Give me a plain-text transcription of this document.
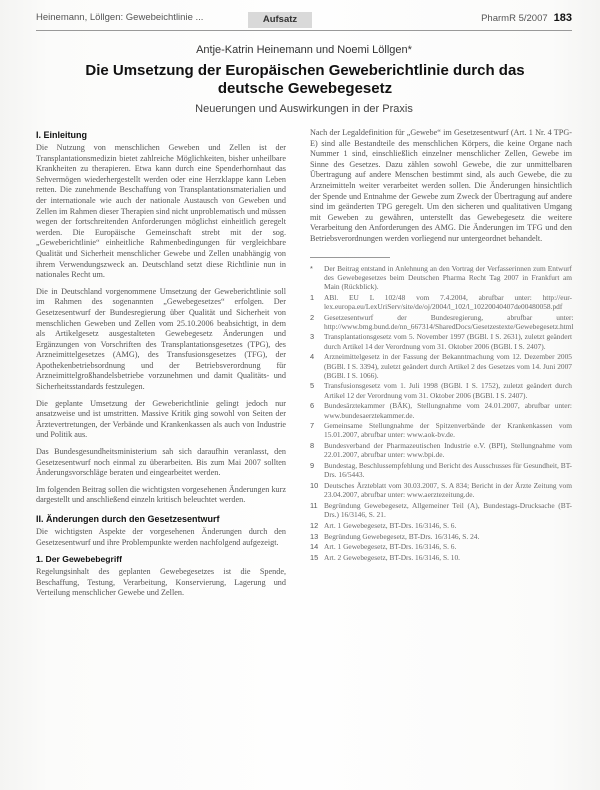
Heinemann, Löllgen: Gewebeichtlinie ...	PharmR 5/2007 183
Aufsatz
Antje-Katrin Heinemann und Noemi Löllgen*
Die Umsetzung der Europäischen Geweberichtlinie durch das deutsche Gewebegesetz
Neuerungen und Auswirkungen in der Praxis
I. Einleitung

Die Nutzung von menschlichen Geweben und Zellen ist der Transplantationsmedizin bietet zahlreiche Möglichkeiten, bisher unheilbare Krankheiten zu therapieren. Etwa kann durch eine Spenderhornhaut das Sehvermögen wiederhergestellt werden oder eine Herzklappe kann Leben retten. Die zunehmende Beschaffung von Transplantationsmaterialien und der internationale wie auch der nationale Austausch von Geweben und Zellen im Rahmen dieser Therapien sind nicht unproblematisch und müssen wegen der fortschreitenden Anforderungen möglichst einheitlich geregelt werden. Die Europäische Gemeinschaft strebt mit der sog. „Geweberichtlinie“ einheitliche Rahmenbedingungen für vergleichbare Qualität und Sicherheit menschlicher Gewebe und Zellen unabhängig von ihrem Verwendungszweck an. Deutschland setzt diese Richtlinie nun in nationales Recht um.

Die in Deutschland vorgenommene Umsetzung der Geweberichtlinie soll im Rahmen des sogenannten „Gewebegesetzes“ erfolgen. Der Gesetzesentwurf der Bundesregierung über Qualität und Sicherheit von menschlichen Geweben und Zellen vom 25.10.2006 beabsichtigt, in dem als Artikelgesetz ausgestalteten Gewebegesetz Änderungen und Ergänzungen von Vorschriften des Transplantationsgesetzes (TPG), des Arzneimittelgesetzes (AMG), des Transfusionsgesetzes (TFG), der Apothekenbetriebsordnung und der Betriebsverordnung für Arzneimittelgroßhandelsbetriebe vorzunehmen und damit Qualitäts- und Sicherheitsstandards festzulegen.

Die geplante Umsetzung der Geweberichtlinie gelingt jedoch nur ansatzweise und ist umstritten. Massive Kritik ging sowohl von Seiten der Ärztevertretungen, der Verbände und Krankenkassen als auch von Industrie und Politik aus.

Das Bundesgesundheitsministerium sah sich daraufhin veranlasst, den Gesetzesentwurf noch einmal zu überarbeiten. Bis zum Mai 2007 sollten Änderungsvorschläge beraten und eingearbeitet werden.

Im folgenden Beitrag sollen die wichtigsten vorgesehenen Änderungen kurz dargestellt und anschließend einzeln kritisch beleuchtet werden.

II. Änderungen durch den Gesetzesentwurf

Die wichtigsten Aspekte der vorgesehenen Änderungen durch den Gesetzesentwurf und ihre Problempunkte werden nachfolgend aufgezeigt.

1. Der Gewebebegriff

Regelungsinhalt des geplanten Gewebegesetzes ist die Spende, Beschaffung, Testung, Verarbeitung, Konservierung, Lagerung und Verteilung menschlicher Gewebe und Zellen.

Nach der Legaldefinition für „Gewebe“ im Gesetzesentwurf (Art. 1 Nr. 4 TPG-E) sind alle Bestandteile des menschlichen Körpers, die keine Organe nach Nummer 1 sind, einschließlich einzelner menschlicher Zellen, Gewebe im Sinne des Gesetzes. Dazu zählen sowohl Gewebe, die zur unmittelbaren Übertragung auf andere Menschen bestimmt sind, als auch Gewebe, die zu Arzneimitteln weiter verarbeitet werden sollen. Die Änderungen hinsichtlich der Spende und Entnahme der Gewebe zum Zweck der Übertragung auf andere sind im geänderten TPG geregelt. Um den sicheren und qualitativen Umgang mit Geweben zu gewähren, unterstellt das Gewebegesetz die weitere Verarbeitung den Anforderungen des AMG. Die Änderungen im TFG und den Betriebsverordnungen werden vorliegend nur untergeordnet behandelt.

*	Der Beitrag entstand in Anlehnung an den Vortrag der Verfasserinnen zum Entwurf des Gewebegesetzes beim Deutschen Pharma Recht Tag 2007 in Frankfurt am Main (Rückblick).
1	ABl. EU L 102/48 vom 7.4.2004, abrufbar unter: http://eur-lex.europa.eu/LexUriServ/site/de/oj/2004/l_102/l_10220040407de00480058.pdf
2	Gesetzesentwurf der Bundesregierung, abrufbar unter: http://www.bmg.bund.de/nn_667314/SharedDocs/Gesetzestexte/Gewebegesetz.html
3	Transplantationsgesetz vom 5. November 1997 (BGBl. I S. 2631), zuletzt geändert durch Artikel 14 der Verordnung vom 31. Oktober 2006 (BGBl. I S. 2407).
4	Arzneimittelgesetz in der Fassung der Bekanntmachung vom 12. Dezember 2005 (BGBl. I S. 3394), zuletzt geändert durch Artikel 2 des Gesetzes vom 14. Juni 2007 (BGBl. I S. 1066).
5	Transfusionsgesetz vom 1. Juli 1998 (BGBl. I S. 1752), zuletzt geändert durch Artikel 12 der Verordnung vom 31. Oktober 2006 (BGBl. I S. 2407).
6	Bundesärztekammer (BÄK), Stellungnahme vom 24.01.2007, abrufbar unter: www.bundesaerztekammer.de.
7	Gemeinsame Stellungnahme der Spitzenverbände der Krankenkassen vom 15.01.2007, abrufbar unter: www.aok-bv.de.
8	Bundesverband der Pharmazeutischen Industrie e.V. (BPI), Stellungnahme vom 22.01.2007, abrufbar unter: www.bpi.de.
9	Bundestag, Beschlussempfehlung und Bericht des Ausschusses für Gesundheit, BT-Drs. 16/5443.
10 Deutsches Ärzteblatt vom 30.03.2007, S. A 834; Bericht in der Ärzte Zeitung vom 23.04.2007, abrufbar unter: www.aerztezeitung.de.
11 Begründung Gewebegesetz, Allgemeiner Teil (A), Bundestags-Drucksache (BT-Drs.) 16/3146, S. 21.
12 Art. 1 Gewebegesetz, BT-Drs. 16/3146, S. 6.
13 Begründung Gewebegesetz, BT-Drs. 16/3146, S. 24.
14 Art. 1 Gewebegesetz, BT-Drs. 16/3146, S. 6.
15 Art. 2 Gewebegesetz, BT-Drs. 16/3146, S. 10.
